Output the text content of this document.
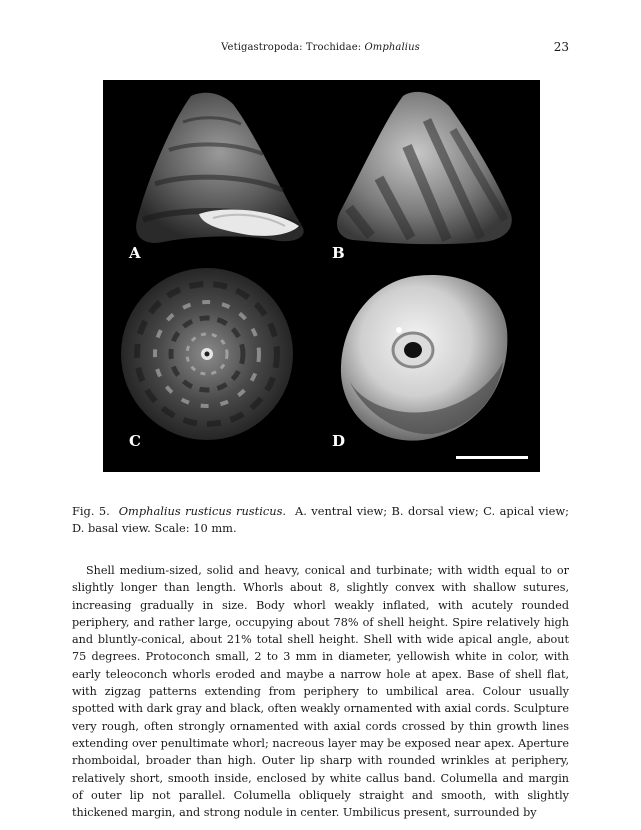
Vetigastropoda: Trochidae: Omphalius	23
A	B
C	D

Fig. 5. Omphalius rusticus rusticus. A. ventral view; B. dorsal view; C. apical view; D. basal view. Scale: 10 mm.

Shell medium-sized, solid and heavy, conical and turbinate; with width equal to or slightly longer than length. Whorls about 8, slightly convex with shallow sutures, increasing gradually in size. Body whorl weakly inflated, with acutely rounded periphery, and rather large, occupying about 78% of shell height. Spire relatively high and bluntly-conical, about 21% total shell height. Shell with wide apical angle, about 75 degrees. Protoconch small, 2 to 3 mm in diameter, yellowish white in color, with early teleoconch whorls eroded and maybe a narrow hole at apex. Base of shell flat, with zigzag patterns extending from periphery to umbilical area. Colour usually spotted with dark gray and black, often weakly ornamented with axial cords. Sculpture very rough, often strongly ornamented with axial cords crossed by thin growth lines extending over penultimate whorl; nacreous layer may be exposed near apex. Aperture rhomboidal, broader than high. Outer lip sharp with rounded wrinkles at periphery, relatively short, smooth inside, enclosed by white callus band. Columella and margin of outer lip not parallel. Columella obliquely straight and smooth, with slightly thickened margin, and strong nodule in center. Umbilicus present, surrounded by
